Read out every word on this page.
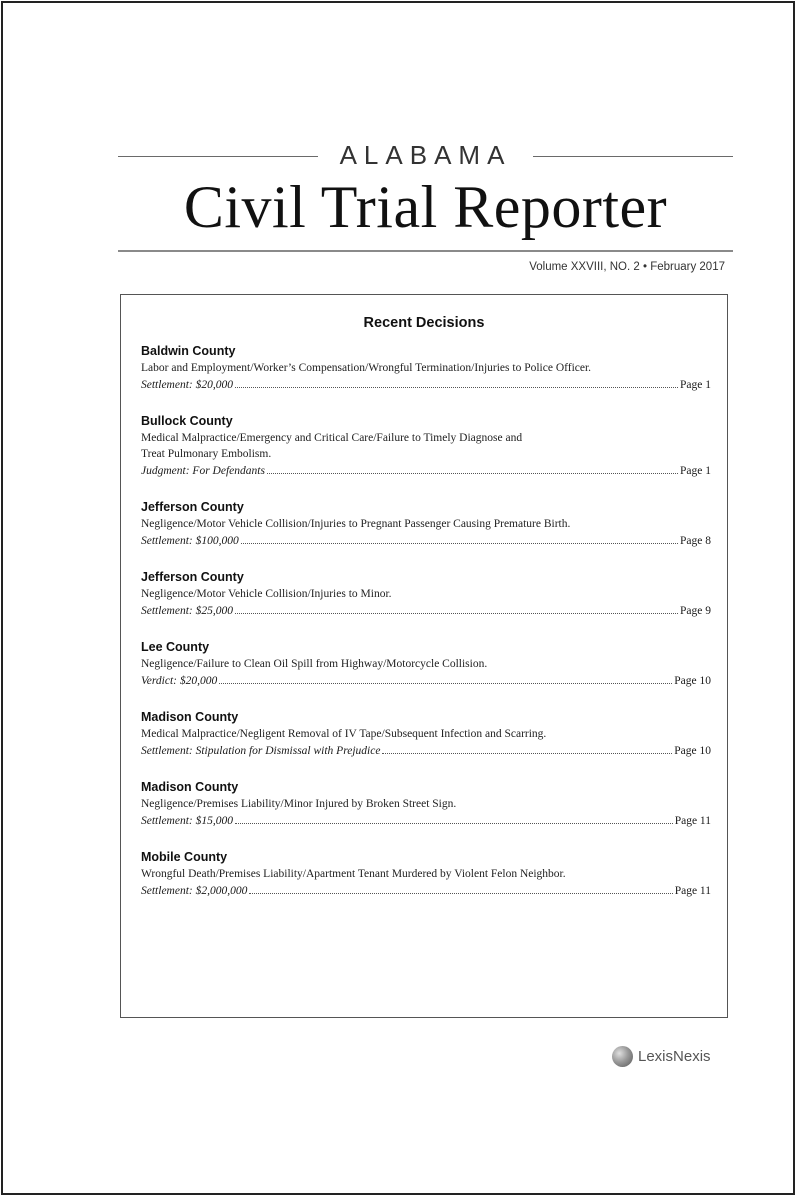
ALABAMA
Civil Trial Reporter
Volume XXVIII, NO. 2 • February 2017
Recent Decisions
Baldwin County
Labor and Employment/Worker’s Compensation/Wrongful Termination/Injuries to Police Officer.
Settlement: $20,000	Page 1
Bullock County
Medical Malpractice/Emergency and Critical Care/Failure to Timely Diagnose and
Treat Pulmonary Embolism.
Judgment: For Defendants	Page 1
Jefferson County
Negligence/Motor Vehicle Collision/Injuries to Pregnant Passenger Causing Premature Birth.
Settlement: $100,000	Page 8
Jefferson County
Negligence/Motor Vehicle Collision/Injuries to Minor.
Settlement: $25,000	Page 9
Lee County
Negligence/Failure to Clean Oil Spill from Highway/Motorcycle Collision.
Verdict: $20,000	Page 10
Madison County
Medical Malpractice/Negligent Removal of IV Tape/Subsequent Infection and Scarring.
Settlement: Stipulation for Dismissal with Prejudice	Page 10
Madison County
Negligence/Premises Liability/Minor Injured by Broken Street Sign.
Settlement: $15,000	Page 11
Mobile County
Wrongful Death/Premises Liability/Apartment Tenant Murdered by Violent Felon Neighbor.
Settlement: $2,000,000	Page 11
LexisNexis
